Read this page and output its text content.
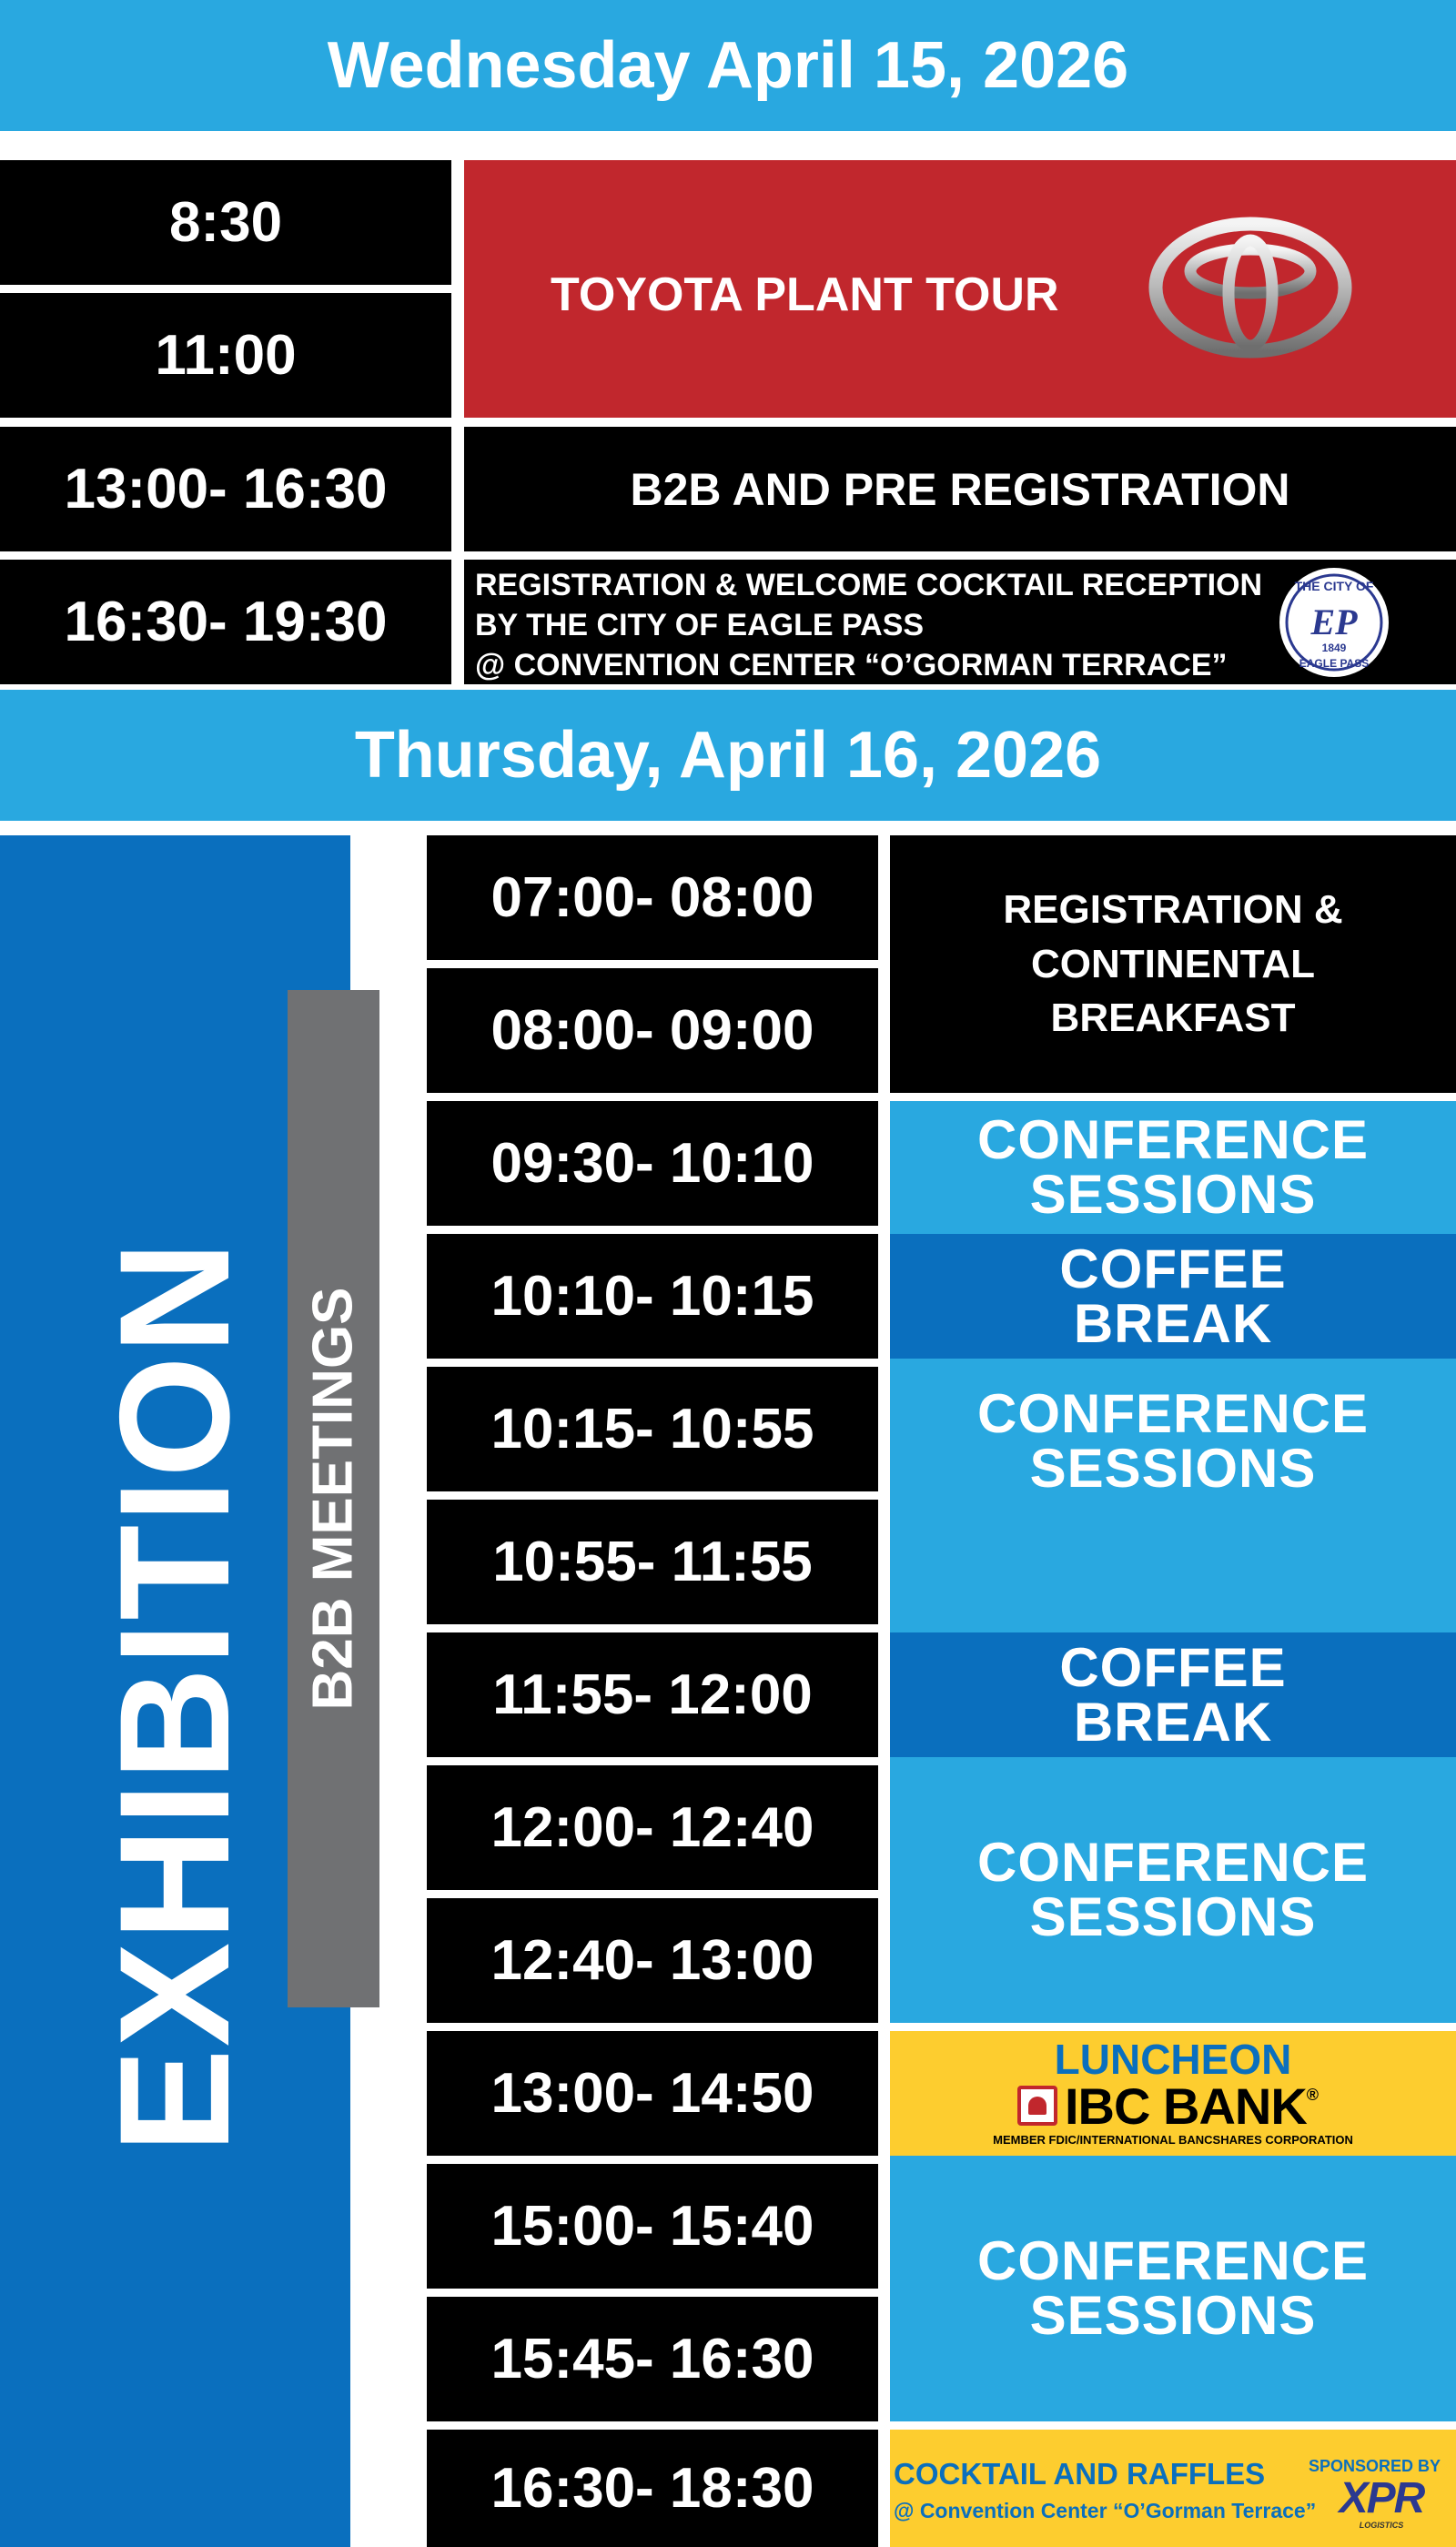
Wednesday April 15, 2026
8:30
11:00
13:00- 16:30
16:30- 19:30
TOYOTA PLANT TOUR
B2B AND PRE REGISTRATION
REGISTRATION & WELCOME COCKTAIL RECEPTION
BY THE CITY OF EAGLE PASS
@ CONVENTION CENTER “O’GORMAN TERRACE”
THE CITY OF
EP
1849
EAGLE PASS
Thursday, April 16, 2026
EXHIBITION B2B MEETINGS
07:00- 08:00
08:00- 09:00
09:30- 10:10
10:10- 10:15
10:15- 10:55
10:55- 11:55
11:55- 12:00
12:00- 12:40
12:40- 13:00
13:00- 14:50
15:00- 15:40
15:45- 16:30
16:30- 18:30
REGISTRATION &
CONTINENTAL
BREAKFAST
CONFERENCE
SESSIONS
COFFEE
BREAK
CONFERENCE
SESSIONS
COFFEE
BREAK
CONFERENCE
SESSIONS
LUNCHEON
IBC BANK ®
MEMBER FDIC/INTERNATIONAL BANCSHARES CORPORATION
CONFERENCE
SESSIONS
COCKTAIL AND RAFFLES
@ Convention Center “O’Gorman Terrace”
SPONSORED BY
XPR
LOGISTICS
